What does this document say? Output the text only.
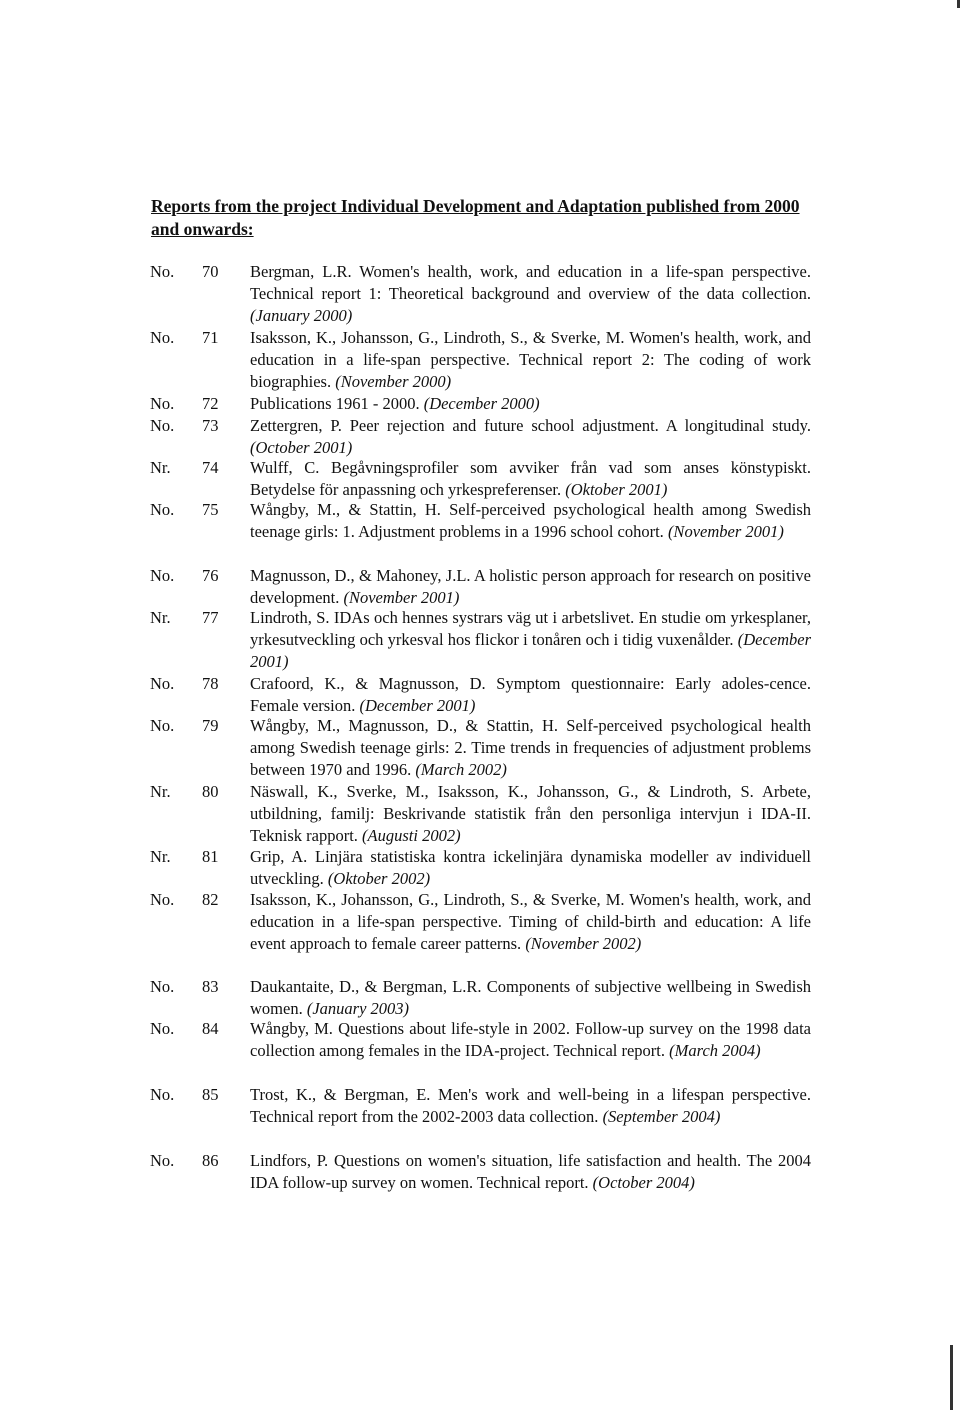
Reports from the project Individual Development and Adaptation published from 2000 and onwards:
No. 70	Bergman, L.R. Women's health, work, and education in a life-span perspective. Technical report 1: Theoretical background and overview of the data collection. (January 2000)
No. 71	Isaksson, K., Johansson, G., Lindroth, S., & Sverke, M. Women's health, work, and education in a life-span perspective. Technical report 2: The coding of work biographies. (November 2000)
No. 72	Publications 1961 - 2000. (December 2000)
No. 73	Zettergren, P. Peer rejection and future school adjustment. A longitudinal study. (October 2001)
Nr. 74	Wulff, C. Begåvningsprofiler som avviker från vad som anses könstypiskt. Betydelse för anpassning och yrkespreferenser. (Oktober 2001)
No. 75	Wångby, M., & Stattin, H. Self-perceived psychological health among Swedish teenage girls: 1. Adjustment problems in a 1996 school cohort. (November 2001)
No. 76	Magnusson, D., & Mahoney, J.L. A holistic person approach for research on positive development. (November 2001)
Nr. 77	Lindroth, S. IDAs och hennes systrars väg ut i arbetslivet. En studie om yrkesplaner, yrkesutveckling och yrkesval hos flickor i tonåren och i tidig vuxenålder. (December 2001)
No. 78	Crafoord, K., & Magnusson, D. Symptom questionnaire: Early adoles-cence. Female version. (December 2001)
No. 79	Wångby, M., Magnusson, D., & Stattin, H. Self-perceived psychological health among Swedish teenage girls: 2. Time trends in frequencies of adjustment problems between 1970 and 1996. (March 2002)
Nr. 80	Näswall, K., Sverke, M., Isaksson, K., Johansson, G., & Lindroth, S. Arbete, utbildning, familj: Beskrivande statistik från den personliga intervjun i IDA-II. Teknisk rapport. (Augusti 2002)
Nr. 81	Grip, A. Linjära statistiska kontra ickelinjära dynamiska modeller av individuell utveckling. (Oktober 2002)
No. 82	Isaksson, K., Johansson, G., Lindroth, S., & Sverke, M. Women's health, work, and education in a life-span perspective. Timing of child-birth and education: A life event approach to female career patterns. (November 2002)
No. 83	Daukantaite, D., & Bergman, L.R. Components of subjective wellbeing in Swedish women. (January 2003)
No. 84	Wångby, M. Questions about life-style in 2002. Follow-up survey on the 1998 data collection among females in the IDA-project. Technical report. (March 2004)
No. 85	Trost, K., & Bergman, E. Men's work and well-being in a lifespan perspective. Technical report from the 2002-2003 data collection. (September 2004)
No. 86	Lindfors, P. Questions on women's situation, life satisfaction and health. The 2004 IDA follow-up survey on women. Technical report. (October 2004)
